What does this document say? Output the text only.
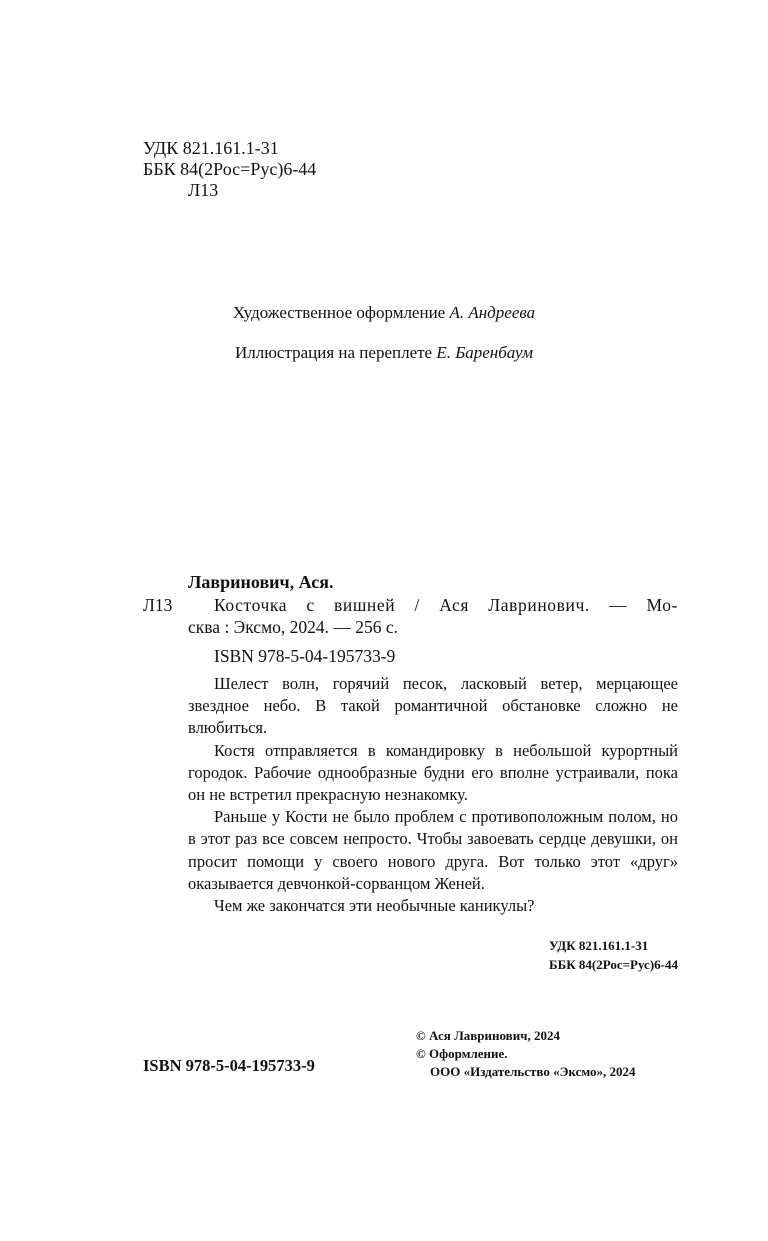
УДК 821.161.1-31
ББК 84(2Рос=Рус)6-44
Л13
Художественное оформление А. Андреева
Иллюстрация на переплете Е. Баренбаум
Лавринович, Ася.
Л13	Косточка с вишней / Ася Лавринович. — Мо-
сква : Эксмо, 2024. — 256 с.
ISBN 978-5-04-195733-9

Шелест волн, горячий песок, ласковый ветер, мерцающее звездное небо. В такой романтичной обстановке сложно не влюбиться.

Костя отправляется в командировку в небольшой курортный городок. Рабочие однообразные будни его вполне устраивали, пока он не встретил прекрасную незнакомку.

Раньше у Кости не было проблем с противоположным полом, но в этот раз все совсем непросто. Чтобы завоевать сердце девушки, он просит помощи у своего нового друга. Вот только этот «друг» оказывается девчонкой-сорванцом Женей.

Чем же закончатся эти необычные каникулы?

УДК 821.161.1-31
ББК 84(2Рос=Рус)6-44
© Ася Лавринович, 2024
© Оформление.
ООО «Издательство «Эксмо», 2024
ISBN 978-5-04-195733-9
